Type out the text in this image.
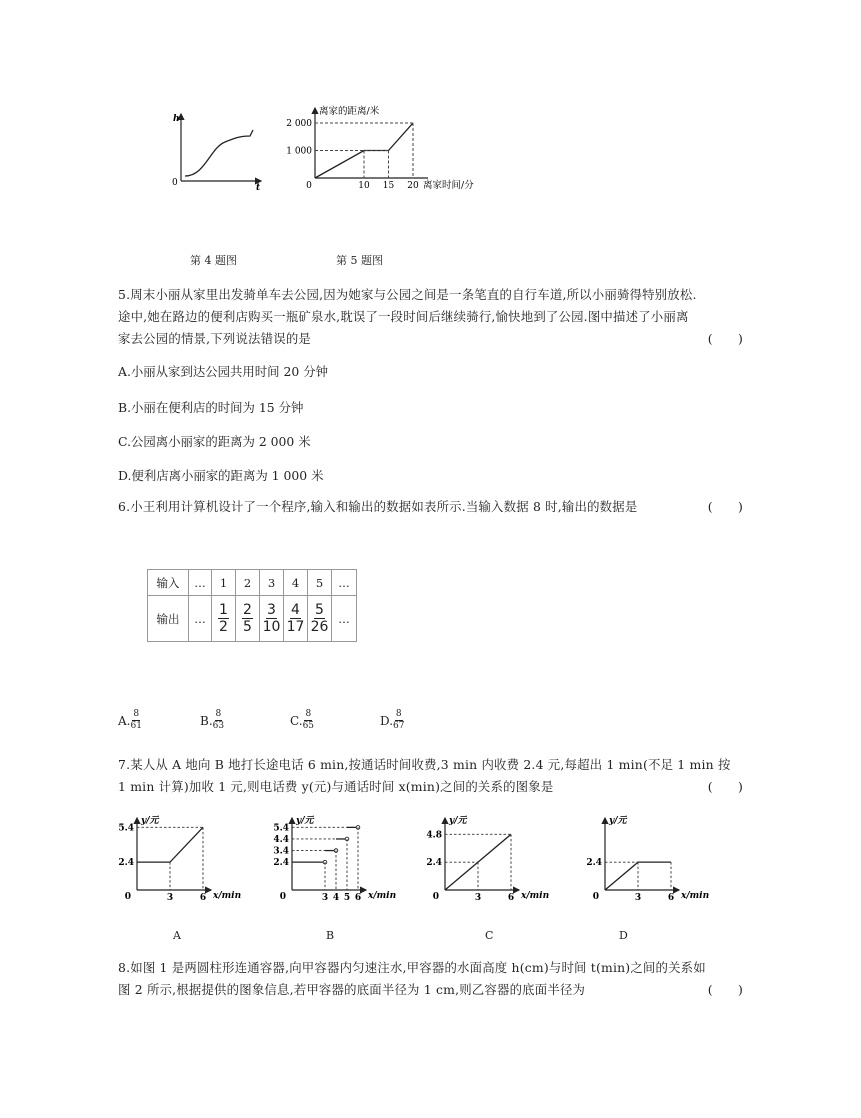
h
t
0
离家的距离/米
离家时间/分
1 000
2 000
0	10 15 20
第 4 题图	第 5 题图
5.周末小丽从家里出发骑单车去公园,因为她家与公园之间是一条笔直的自行车道,所以小丽骑得特别放松.
途中,她在路边的便利店购买一瓶矿泉水,耽误了一段时间后继续骑行,愉快地到了公园.图中描述了小丽离
家去公园的情景,下列说法错误的是	(　　)
A.小丽从家到达公园共用时间 20 分钟
B.小丽在便利店的时间为 15 分钟
C.公园离小丽家的距离为 2 000 米
D.便利店离小丽家的距离为 1 000 米
6.小王利用计算机设计了一个程序,输入和输出的数据如表所示.当输入数据 8 时,输出的数据是	(　　)
输入	…	1	2	3	4	5	…
输出	…	$\frac{1}{2}$	$\frac{2}{5}$	$\frac{3}{10}$	$\frac{4}{17}$	$\frac{5}{26}$	…
A. $\frac{8}{61}$	B. $\frac{8}{63}$	C. $\frac{8}{65}$	D. $\frac{8}{67}$
7.某人从 A 地向 B 地打长途电话 6 min,按通话时间收费,3 min 内收费 2.4 元,每超出 1 min(不足 1 min 按
1 min 计算)加收 1 元,则电话费 y(元)与通话时间 x(min)之间的关系的图象是	(　　)
y/元
x/min
0
2.4
5.4
3	6
y/元
x/min
0
2.4
3.4
4.4
5.4
3 4 5 6
y/元
x/min
0
2.4
4.8
3	6
y/元
x/min
0
2.4
3	6
A	B	C	D
8.如图 1 是两圆柱形连通容器,向甲容器内匀速注水,甲容器的水面高度 h(cm)与时间 t(min)之间的关系如
图 2 所示,根据提供的图象信息,若甲容器的底面半径为 1 cm,则乙容器的底面半径为	(　　)
